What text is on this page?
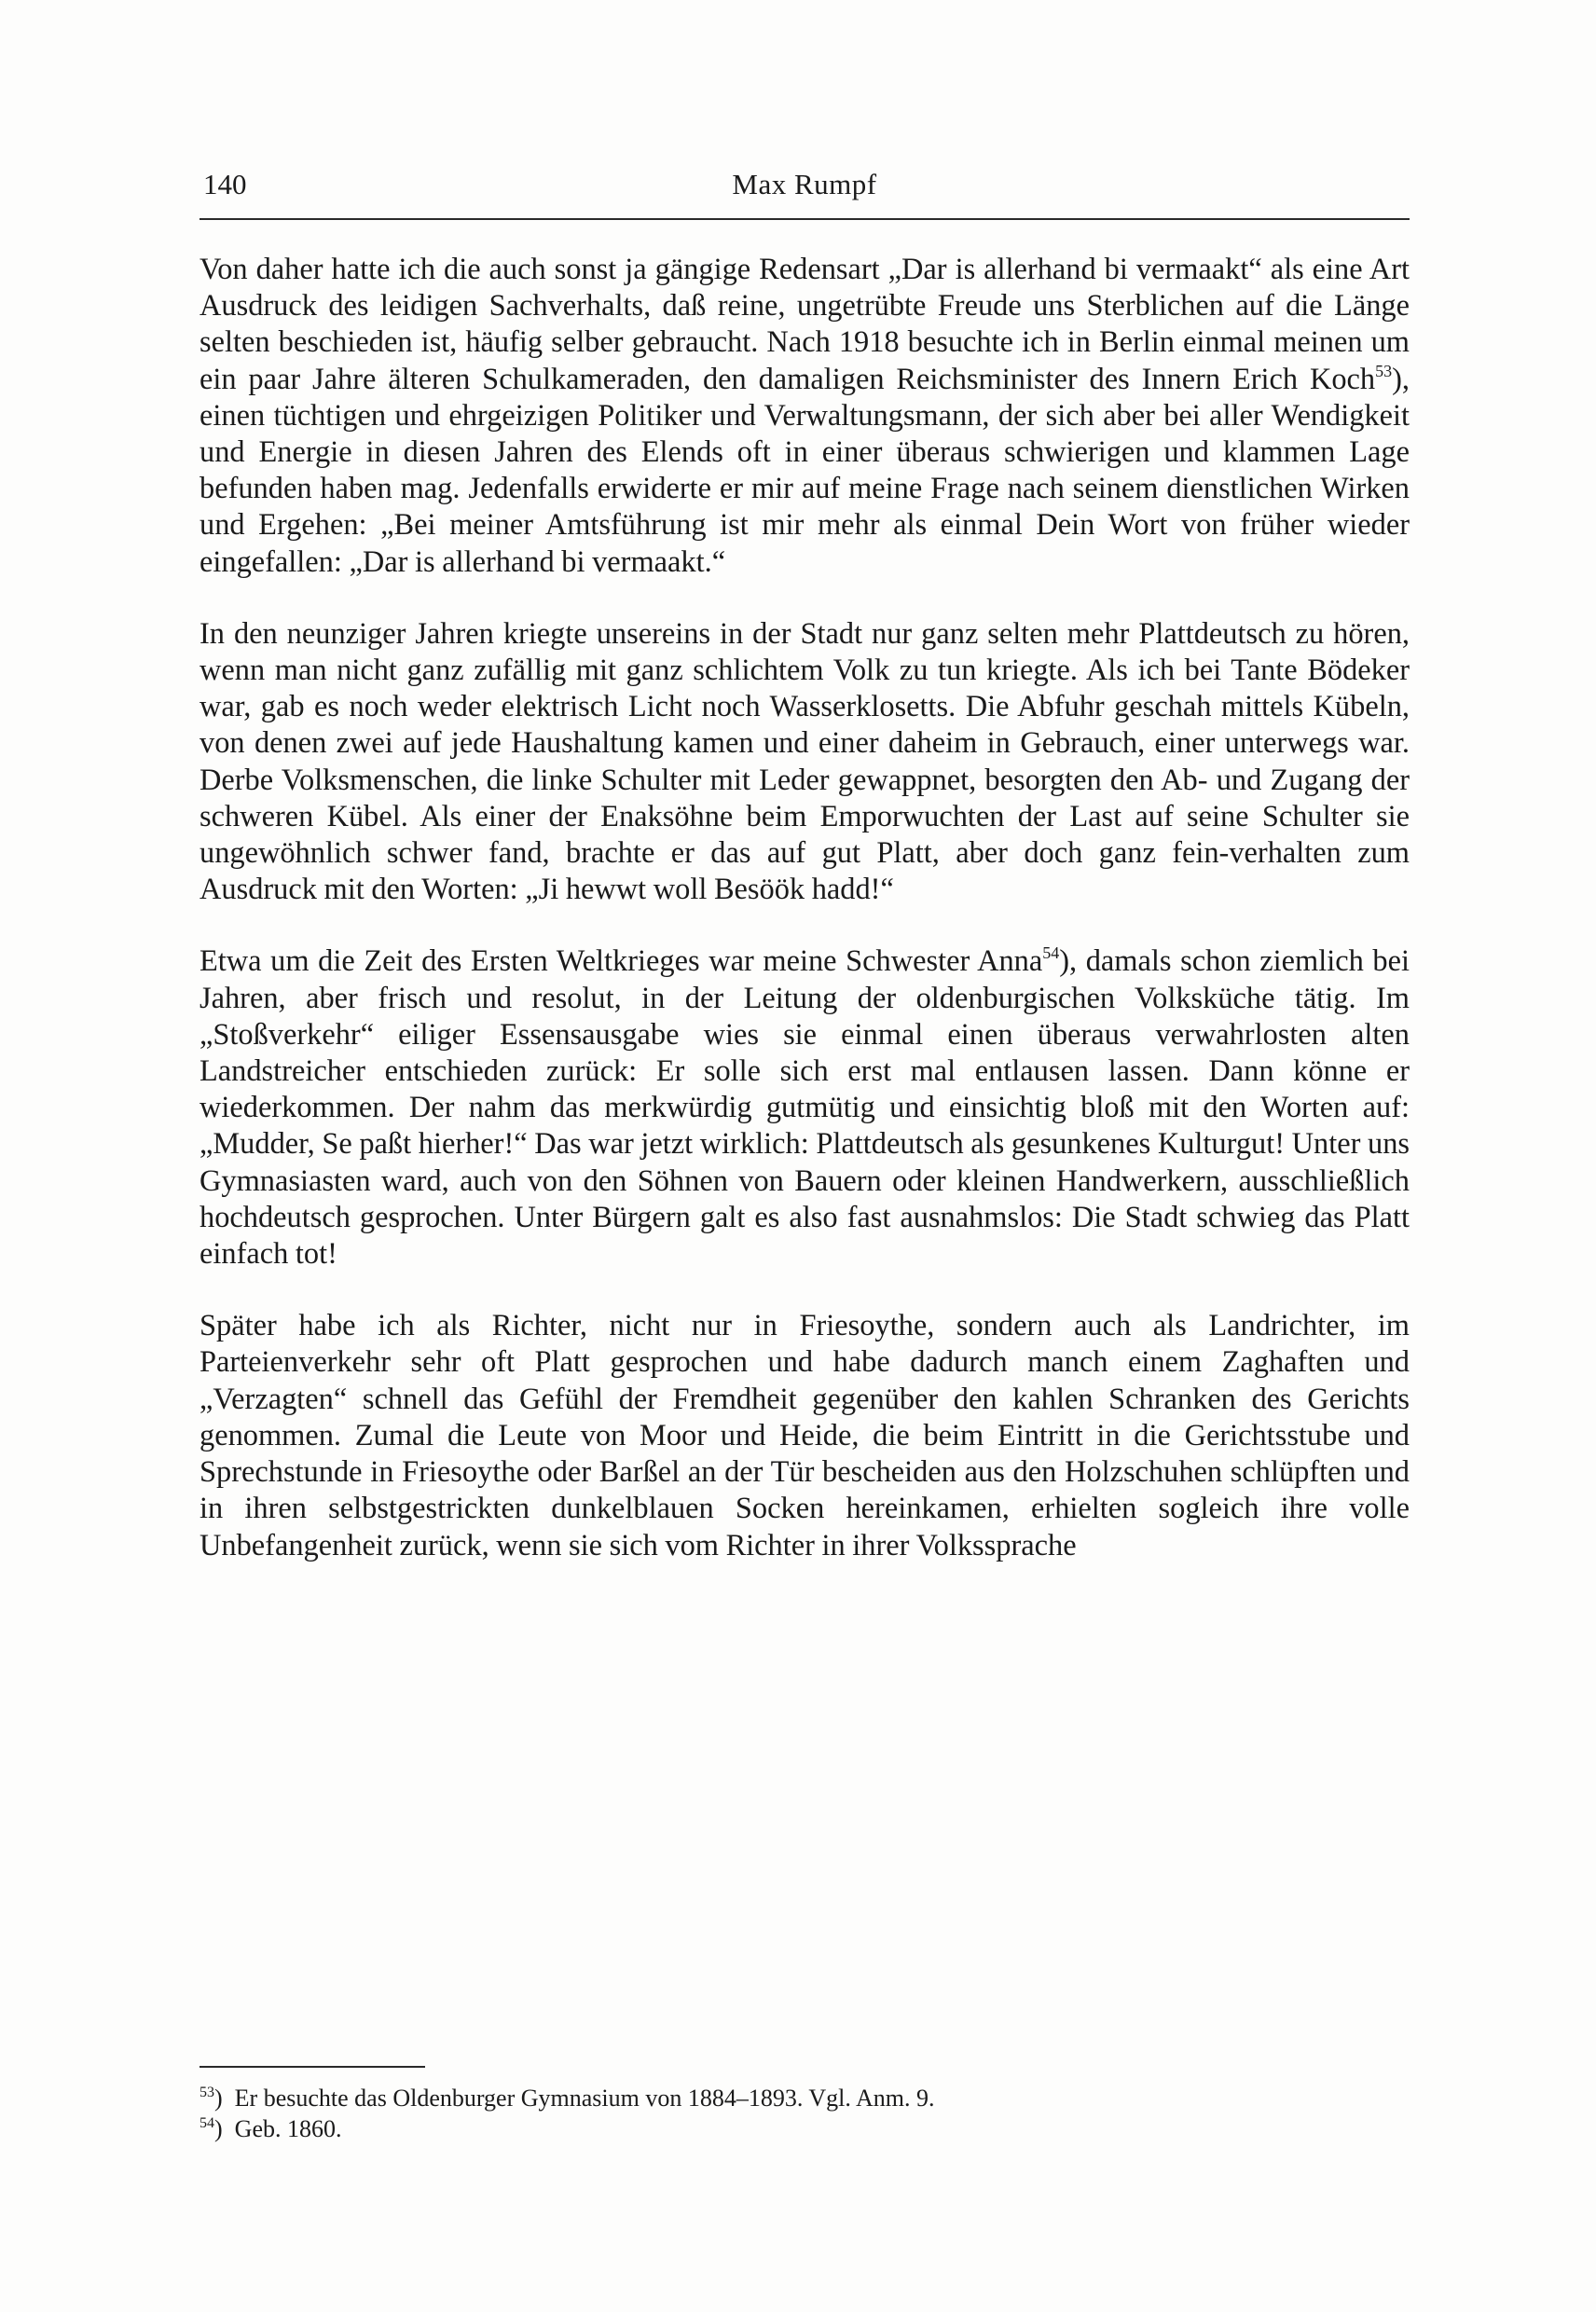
140	Max Rumpf

Von daher hatte ich die auch sonst ja gängige Redensart „Dar is allerhand bi vermaakt“ als eine Art Ausdruck des leidigen Sachverhalts, daß reine, ungetrübte Freude uns Sterblichen auf die Länge selten beschieden ist, häufig selber gebraucht. Nach 1918 besuchte ich in Berlin einmal meinen um ein paar Jahre älteren Schulkameraden, den damaligen Reichsminister des Innern Erich Koch$^{53}$), einen tüchtigen und ehrgeizigen Politiker und Verwaltungsmann, der sich aber bei aller Wendigkeit und Energie in diesen Jahren des Elends oft in einer überaus schwierigen und klammen Lage befunden haben mag. Jedenfalls erwiderte er mir auf meine Frage nach seinem dienstlichen Wirken und Ergehen: „Bei meiner Amtsführung ist mir mehr als einmal Dein Wort von früher wieder eingefallen: „Dar is allerhand bi vermaakt.“

In den neunziger Jahren kriegte unsereins in der Stadt nur ganz selten mehr Plattdeutsch zu hören, wenn man nicht ganz zufällig mit ganz schlichtem Volk zu tun kriegte. Als ich bei Tante Bödeker war, gab es noch weder elektrisch Licht noch Wasserklosetts. Die Abfuhr geschah mittels Kübeln, von denen zwei auf jede Haushaltung kamen und einer daheim in Gebrauch, einer unterwegs war. Derbe Volksmenschen, die linke Schulter mit Leder gewappnet, besorgten den Ab- und Zugang der schweren Kübel. Als einer der Enaksöhne beim Emporwuchten der Last auf seine Schulter sie ungewöhnlich schwer fand, brachte er das auf gut Platt, aber doch ganz fein-verhalten zum Ausdruck mit den Worten: „Ji hewwt woll Besöök hadd!“

Etwa um die Zeit des Ersten Weltkrieges war meine Schwester Anna$^{54}$), damals schon ziemlich bei Jahren, aber frisch und resolut, in der Leitung der oldenburgischen Volksküche tätig. Im „Stoßverkehr“ eiliger Essensausgabe wies sie einmal einen überaus verwahrlosten alten Landstreicher entschieden zurück: Er solle sich erst mal entlausen lassen. Dann könne er wiederkommen. Der nahm das merkwürdig gutmütig und einsichtig bloß mit den Worten auf: „Mudder, Se paßt hierher!“ Das war jetzt wirklich: Plattdeutsch als gesunkenes Kulturgut! Unter uns Gymnasiasten ward, auch von den Söhnen von Bauern oder kleinen Handwerkern, ausschließlich hochdeutsch gesprochen. Unter Bürgern galt es also fast ausnahmslos: Die Stadt schwieg das Platt einfach tot!

Später habe ich als Richter, nicht nur in Friesoythe, sondern auch als Landrichter, im Parteienverkehr sehr oft Platt gesprochen und habe dadurch manch einem Zaghaften und „Verzagten“ schnell das Gefühl der Fremdheit gegenüber den kahlen Schranken des Gerichts genommen. Zumal die Leute von Moor und Heide, die beim Eintritt in die Gerichtsstube und Sprechstunde in Friesoythe oder Barßel an der Tür bescheiden aus den Holzschuhen schlüpften und in ihren selbstgestrickten dunkelblauen Socken hereinkamen, erhielten sogleich ihre volle Unbefangenheit zurück, wenn sie sich vom Richter in ihrer Volkssprache

$^{53}$) Er besuchte das Oldenburger Gymnasium von 1884–1893. Vgl. Anm. 9.

$^{54}$) Geb. 1860.
